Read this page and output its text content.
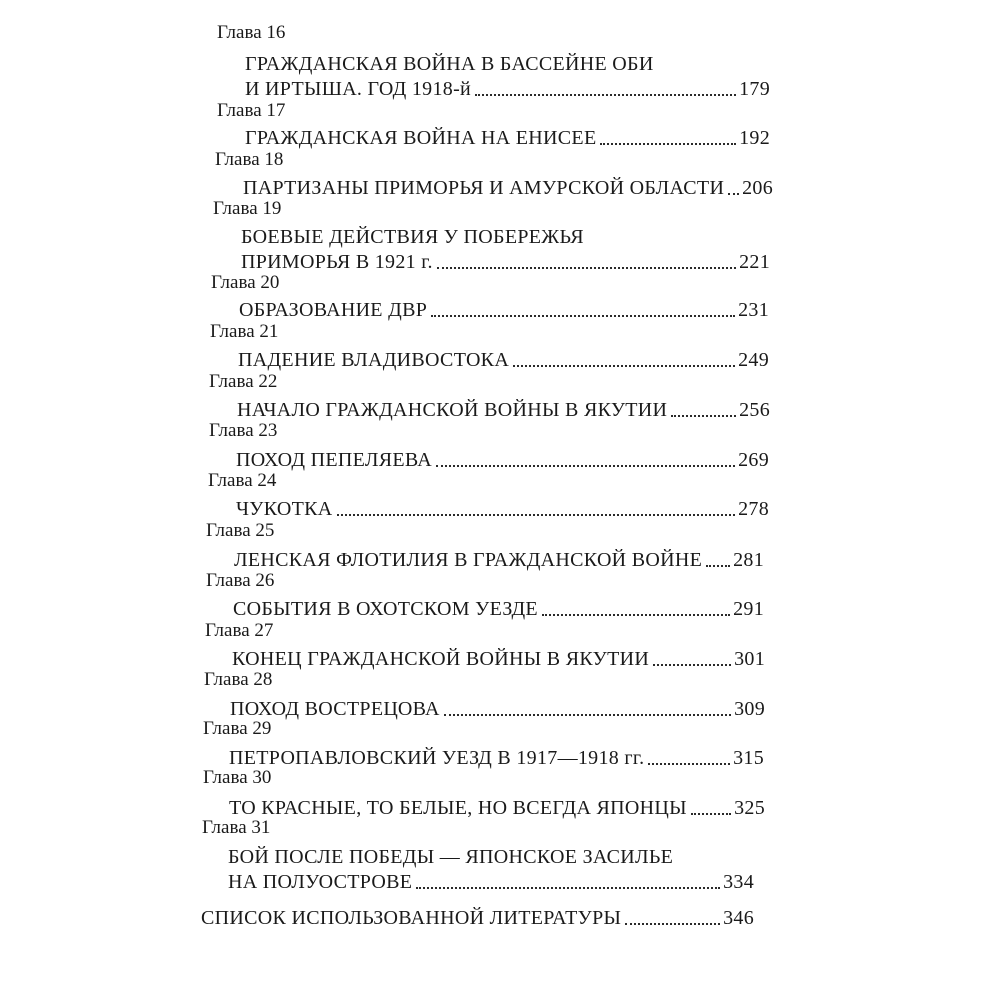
Глава 16
ГРАЖДАНСКАЯ ВОЙНА В БАССЕЙНЕ ОБИ
И ИРТЫША. ГОД 1918-й	179
Глава 17
ГРАЖДАНСКАЯ ВОЙНА НА ЕНИСЕЕ	192
Глава 18
ПАРТИЗАНЫ ПРИМОРЬЯ И АМУРСКОЙ ОБЛАСТИ 206
Глава 19
БОЕВЫЕ ДЕЙСТВИЯ У ПОБЕРЕЖЬЯ
ПРИМОРЬЯ В 1921 г.	221
Глава 20
ОБРАЗОВАНИЕ ДВР	231
Глава 21
ПАДЕНИЕ ВЛАДИВОСТОКА	249
Глава 22
НАЧАЛО ГРАЖДАНСКОЙ ВОЙНЫ В ЯКУТИИ	256
Глава 23
ПОХОД ПЕПЕЛЯЕВА	269
Глава 24
ЧУКОТКА	278
Глава 25
ЛЕНСКАЯ ФЛОТИЛИЯ В ГРАЖДАНСКОЙ ВОЙНЕ 281
Глава 26
СОБЫТИЯ В ОХОТСКОМ УЕЗДЕ	291
Глава 27
КОНЕЦ ГРАЖДАНСКОЙ ВОЙНЫ В ЯКУТИИ	301
Глава 28
ПОХОД ВОСТРЕЦОВА	309
Глава 29
ПЕТРОПАВЛОВСКИЙ УЕЗД В 1917—1918 гг.	315
Глава 30
ТО КРАСНЫЕ, ТО БЕЛЫЕ, НО ВСЕГДА ЯПОНЦЫ 325
Глава 31
БОЙ ПОСЛЕ ПОБЕДЫ — ЯПОНСКОЕ ЗАСИЛЬЕ
НА ПОЛУОСТРОВЕ	334
СПИСОК ИСПОЛЬЗОВАННОЙ ЛИТЕРАТУРЫ	346
